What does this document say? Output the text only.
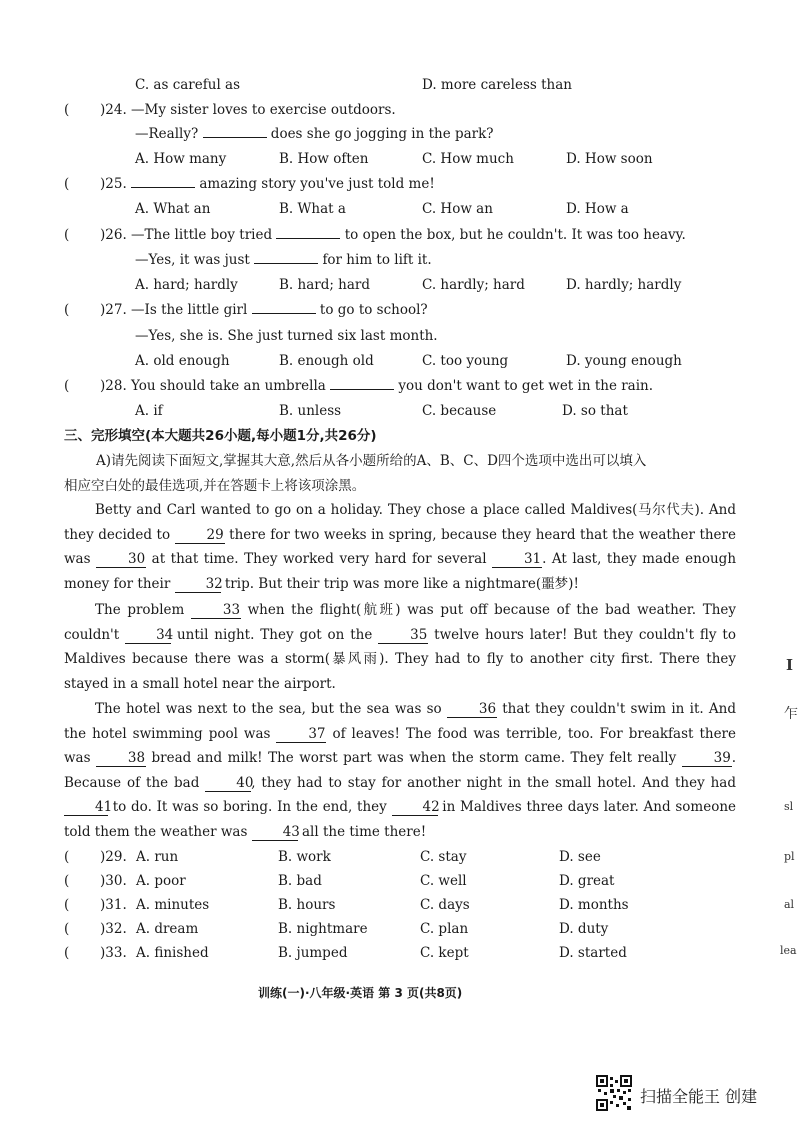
C. as careful as	D. more careless than
( )24. —My sister loves to exercise outdoors.
—Really?	does she go jogging in the park?
A. How many	B. How often	C. How much	D. How soon
( )25.	amazing story you've just told me!
A. What an	B. What a	C. How an	D. How a
( )26. —The little boy tried	to open the box, but he couldn't. It was too heavy.
—Yes, it was just	for him to lift it.
A. hard; hardly	B. hard; hard	C. hardly; hard	D. hardly; hardly
( )27. —Is the little girl	to go to school?
—Yes, she is. She just turned six last month.
A. old enough	B. enough old	C. too young	D. young enough
( )28. You should take an umbrella	you don't want to get wet in the rain.
A. if	B. unless	C. because	D. so that
三、完形填空(本大题共26小题,每小题1分,共26分)
A)请先阅读下面短文,掌握其大意,然后从各小题所给的A、B、C、D四个选项中选出可以填入
相应空白处的最佳选项,并在答题卡上将该项涂黑。
Betty and Carl wanted to go on a holiday. They chose a place called Maldives(马尔代夫). And they decided to	29 there for two weeks in spring, because they heard that the weather there was	30 at that time. They worked very hard for several	31. At last, they made enough money for their	32 trip. But their trip was more like a nightmare(噩梦)!
The problem	33 when the flight(航班) was put off because of the bad weather. They couldn't	34 until night. They got on the	35 twelve hours later! But they couldn't fly to Maldives because there was a storm(暴风雨). They had to fly to another city first. There they stayed in a small hotel near the airport.
The hotel was next to the sea, but the sea was so	36 that they couldn't swim in it. And the hotel swimming pool was	37 of leaves! The food was terrible, too. For breakfast there was	38 bread and milk! The worst part was when the storm came. They felt really	39. Because of the bad	40, they had to stay for another night in the small hotel. And they had 41 to do. It was so boring. In the end, they	42 in Maldives three days later. And someone told them the weather was	43 all the time there!
( )29. A. run	B. work	C. stay	D. see
( )30. A. poor	B. bad	C. well	D. great
( )31. A. minutes	B. hours	C. days	D. months
( )32. A. dream	B. nightmare	C. plan	D. duty
( )33. A. finished	B. jumped	C. kept	D. started
训练(一)·八年级·英语 第 3 页(共8页)
I
乍
sl
pl
al
lea
扫描全能王 创建
